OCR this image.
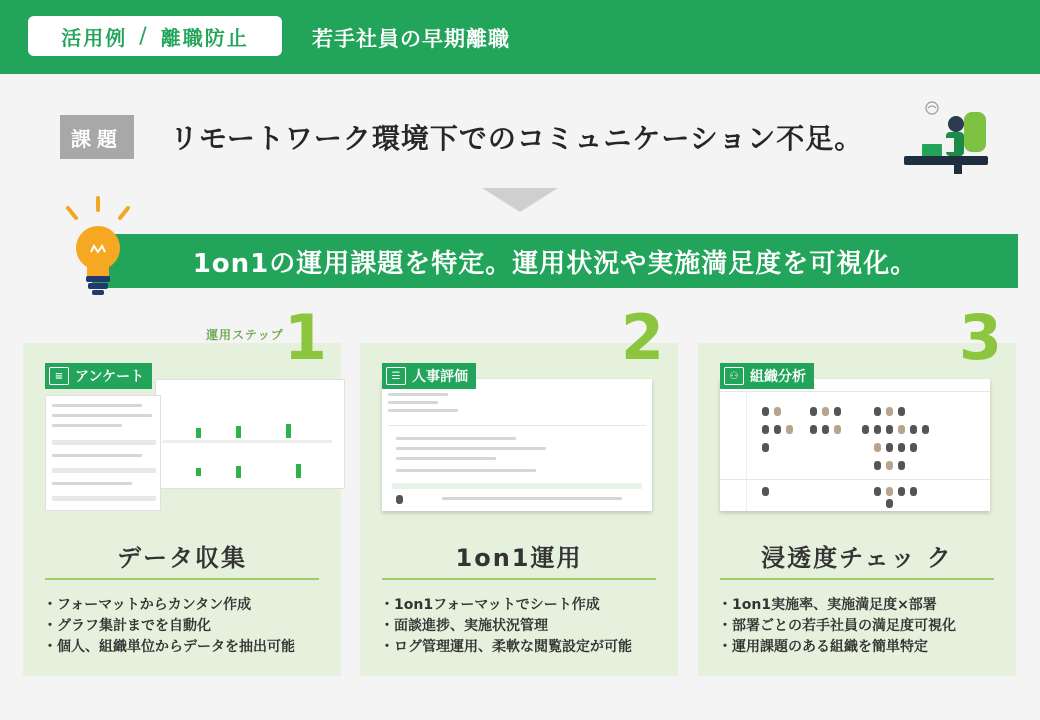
活用例 / 離職防止	若手社員の早期離職
課題	リモートワーク環境下でのコミュニケーション不足。
1on1の運用課題を特定。運用状況や実施満足度を可視化。
運用ステップ 1
≡ アンケート
データ収集
・ フォーマットからカンタン作成
・ グラフ集計までを自動化
・ 個人、組織単位からデータを抽出可能
2
☰ 人事評価
1on1運用
・ 1on1フォーマットでシート作成
・ 面談進捗、実施状況管理
・ ログ管理運用、柔軟な閲覧設定が可能
3
⚇ 組織分析
浸透度チェッ ク
・ 1on1実施率、実施満足度×部署
・ 部署ごとの若手社員の満足度可視化
・ 運用課題のある組織を簡単特定
